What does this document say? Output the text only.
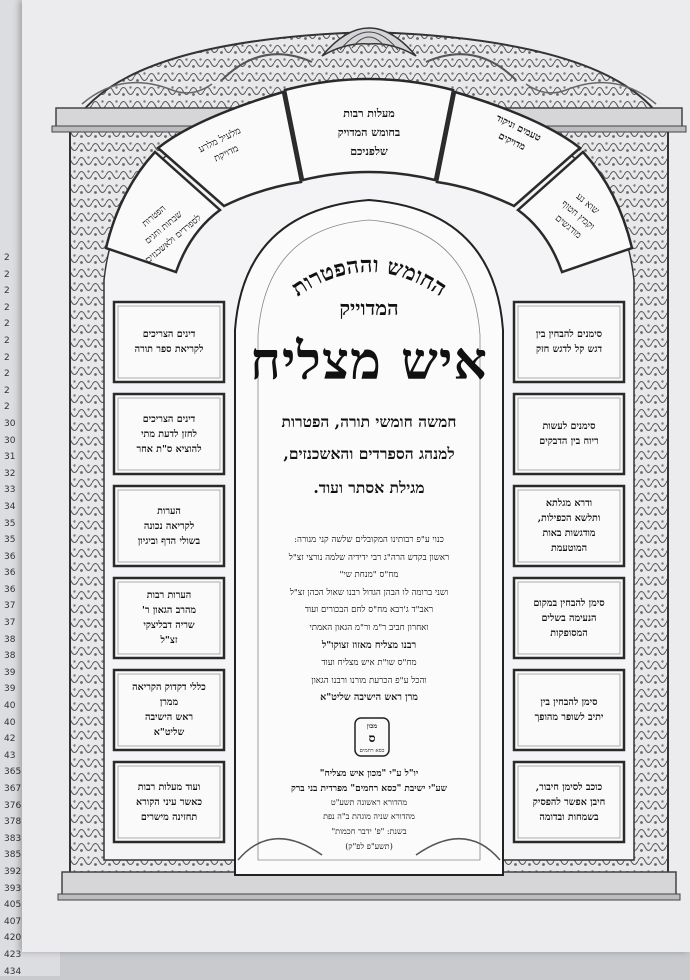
2
2
2
2
2
2
2
2
2
2
30
30
31
32
33
34
35
35
36
36
36
37
37
38
38
39
39
40
40
42
43
365
367
376
378
383
385
392
393
405
407
420
423
434
החומש וההפטרות
מעלות רבות
בחומש המדויק
שלפניכם
טעמים וניקוד
מדויקים
שוא נע
וקמץ חטוף
מודגשים
מלעיל מלרע
מדויקת
הפטרות
שבתות וחגים
לספרדים ולאשכנזים
דינים הצריכים
לקריאת ספר תורה
דינים הצריכים
לחזן לדעת מתי
להוציא ס"ת אחר
הערות
לקריאה נכונה
בשולי הדף וביגיון
הערות רבות
מהרב הגאון ר'
שריה דבליצקי
זצ"ל
כללי דקדוק הקריאה
ממרן
ראש הישיבה
שליט"א
ועוד מעלות רבות
כאשר עיני הקורא
תחזינה מישרים
סימנים להבחין בין
דגש קל לדגש חזק
סימנים לעשות
ריוח בין הדבקים
ודרא מגלתא
ותלשא הכפילות,
מודגשות באות
המוטעמת
סימן להבחין במקום
הנעימה בשלים
המסופקות
סימן להבחין בין
יתיב לשופר מהופך
כוכב לסימן חיבור,
חיבן אפשר להפסיק
בשמחות ובדומה
המדוייק
איש מצליח
חמשה חומשי תורה, הפטרות
למנהג הספרדים והאשכנזים,
מגילת אסתר ועוד.
כנוי ע"פ רבותינו המקובלים שלשה קני מנורה:
ראשון בקדש הרה"ג רבי ידידיה שלמה נורצי זצ"ל
מח"ס "מנחת שי"
ושני ברומה לו הבהן הגדול רבנו שאול הכהן זצ"ל
ראב"ד ג'רבא מח"ס לחם הבכורים ועוד
ואחרון חביב ר"מ ור"מ הגאון האמתי
רבנו מצליח מאזוז זצוקו"ל
מח"ס שו"ת איש מצליח ועוד
והכל ע"פ הכרעת מורנו ורבנו הגאון
מרן ראש הישיבה שליט"א
מכון
ס
כסא רחמים
יו"ל ע"י "מכון איש מצליח"
שע"י ישיבת "כסא רחמים" מפרדית בני ברק
מהדורא ראשונה תשע"ט
מהדורא שניה מוגהת ב"ה נפת
בשנת: "פ' ידבר חכמות"
(תשע"פ לפ"ק)
